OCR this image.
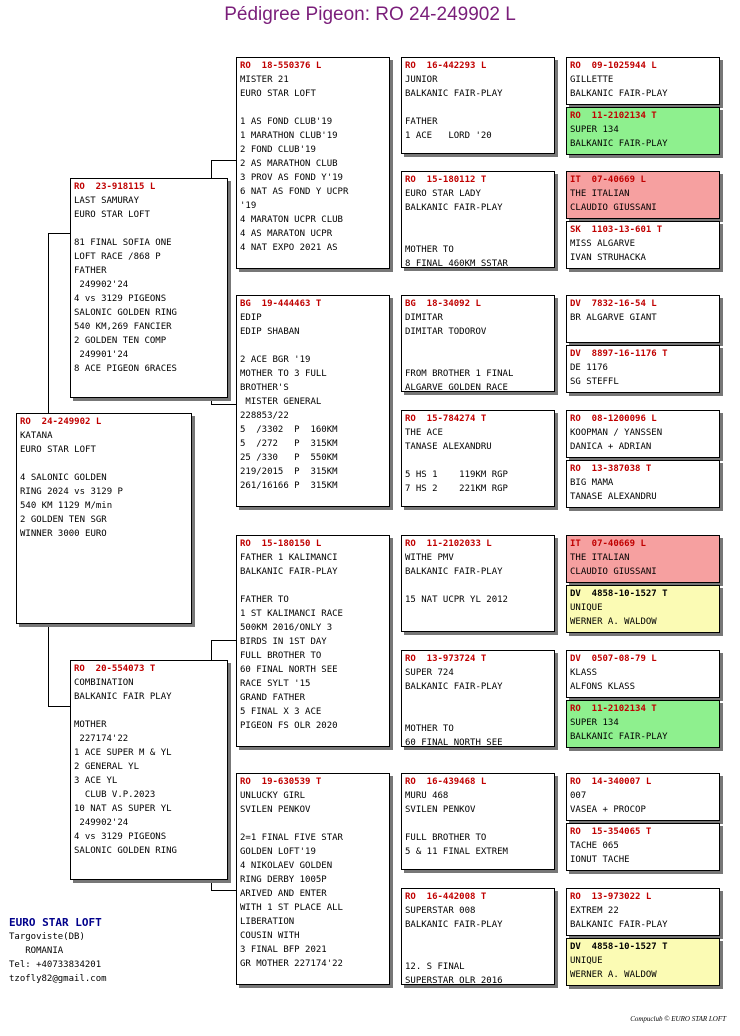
Pédigree Pigeon: RO 24-249902 L
RO  24-249902 L
KATANA
EURO STAR LOFT

4 SALONIC GOLDEN
RING 2024 vs 3129 P
540 KM 1129 M/min
2 GOLDEN TEN SGR
WINNER 3000 EURO
RO  23-918115 L
LAST SAMURAY
EURO STAR LOFT

81 FINAL SOFIA ONE
LOFT RACE /868 P
FATHER
249902'24
4 vs 3129 PIGEONS
SALONIC GOLDEN RING
540 KM,269 FANCIER
2 GOLDEN TEN COMP
249901'24
8 ACE PIGEON 6RACES
RO  20-554073 T
COMBINATION
BALKANIC FAIR PLAY

MOTHER
227174'22
1 ACE SUPER M & YL
2 GENERAL YL
3 ACE YL
CLUB V.P.2023
10 NAT AS SUPER YL
249902'24
4 vs 3129 PIGEONS
SALONIC GOLDEN RING
RO  18-550376 L
MISTER 21
EURO STAR LOFT

1 AS FOND CLUB'19
1 MARATHON CLUB'19
2 FOND CLUB'19
2 AS MARATHON CLUB
3 PROV AS FOND Y'19
6 NAT AS FOND Y UCPR
'19
4 MARATON UCPR CLUB
4 AS MARATON UCPR
4 NAT EXPO 2021 AS
BG  19-444463 T
EDIP
EDIP SHABAN

2 ACE BGR '19
MOTHER TO 3 FULL
BROTHER'S
MISTER GENERAL
228853/22
5  /3302  P  160KM
5  /272   P  315KM
25 /330   P  550KM
219/2015  P  315KM
261/16166 P  315KM
RO  15-180150 L
FATHER 1 KALIMANCI
BALKANIC FAIR-PLAY

FATHER TO
1 ST KALIMANCI RACE
500KM 2016/ONLY 3
BIRDS IN 1ST DAY
FULL BROTHER TO
60 FINAL NORTH SEE
RACE SYLT '15
GRAND FATHER
5 FINAL X 3 ACE
PIGEON FS OLR 2020
RO  19-630539 T
UNLUCKY GIRL
SVILEN PENKOV

2=1 FINAL FIVE STAR
GOLDEN LOFT'19
4 NIKOLAEV GOLDEN
RING DERBY 1005P
ARIVED AND ENTER
WITH 1 ST PLACE ALL
LIBERATION
COUSIN WITH
3 FINAL BFP 2021
GR MOTHER 227174'22
RO  16-442293 L
JUNIOR
BALKANIC FAIR-PLAY

FATHER
1 ACE   LORD '20
RO  15-180112 T
EURO STAR LADY
BALKANIC FAIR-PLAY

MOTHER TO
8 FINAL 460KM SSTAR
BG  18-34092 L
DIMITAR
DIMITAR TODOROV

FROM BROTHER 1 FINAL
ALGARVE GOLDEN RACE
RO  15-784274 T
THE ACE
TANASE ALEXANDRU

5 HS 1    119KM RGP
7 HS 2    221KM RGP
RO  11-2102033 L
WITHE PMV
BALKANIC FAIR-PLAY

15 NAT UCPR YL 2012
RO  13-973724 T
SUPER 724
BALKANIC FAIR-PLAY

MOTHER TO
60 FINAL NORTH SEE
RO  16-439468 L
MURU 468
SVILEN PENKOV

FULL BROTHER TO
5 & 11 FINAL EXTREM
RO  16-442008 T
SUPERSTAR 008
BALKANIC FAIR-PLAY

12. S FINAL
SUPERSTAR OLR 2016
RO  09-1025944 L
GILLETTE
BALKANIC FAIR-PLAY
RO  11-2102134 T
SUPER 134
BALKANIC FAIR-PLAY
IT  07-40669 L
THE ITALIAN
CLAUDIO GIUSSANI
SK  1103-13-601 T
MISS ALGARVE
IVAN STRUHACKA
DV  7832-16-54 L
BR ALGARVE GIANT
DV  8897-16-1176 T
DE 1176
SG STEFFL
RO  08-1200096 L
KOOPMAN / YANSSEN
DANICA + ADRIAN
RO  13-387038 T
BIG MAMA
TANASE ALEXANDRU
IT  07-40669 L
THE ITALIAN
CLAUDIO GIUSSANI
DV  4858-10-1527 T
UNIQUE
WERNER A. WALDOW
DV  0507-08-79 L
KLASS
ALFONS KLASS
RO  11-2102134 T
SUPER 134
BALKANIC FAIR-PLAY
RO  14-340007 L
007
VASEA + PROCOP
RO  15-354065 T
TACHE 065
IONUT TACHE
RO  13-973022 L
EXTREM 22
BALKANIC FAIR-PLAY
DV  4858-10-1527 T
UNIQUE
WERNER A. WALDOW
EURO STAR LOFT
Targoviste(DB)
ROMANIA
Tel: +40733834201
tzofly82@gmail.com
Compuclub © EURO STAR LOFT
